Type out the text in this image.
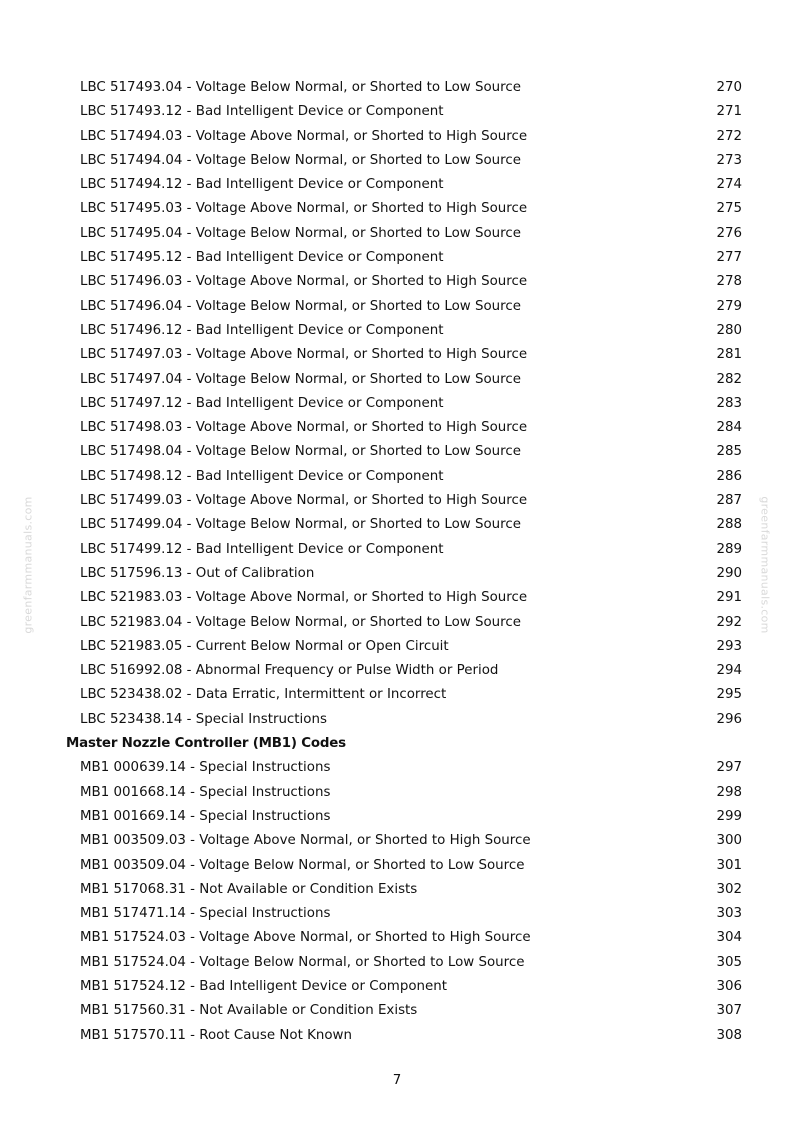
LBC 517493.04 - Voltage Below Normal, or Shorted to Low Source	270
LBC 517493.12 - Bad Intelligent Device or Component	271
LBC 517494.03 - Voltage Above Normal, or Shorted to High Source	272
LBC 517494.04 - Voltage Below Normal, or Shorted to Low Source	273
LBC 517494.12 - Bad Intelligent Device or Component	274
LBC 517495.03 - Voltage Above Normal, or Shorted to High Source	275
LBC 517495.04 - Voltage Below Normal, or Shorted to Low Source	276
LBC 517495.12 - Bad Intelligent Device or Component	277
LBC 517496.03 - Voltage Above Normal, or Shorted to High Source	278
LBC 517496.04 - Voltage Below Normal, or Shorted to Low Source	279
LBC 517496.12 - Bad Intelligent Device or Component	280
LBC 517497.03 - Voltage Above Normal, or Shorted to High Source	281
LBC 517497.04 - Voltage Below Normal, or Shorted to Low Source	282
LBC 517497.12 - Bad Intelligent Device or Component	283
LBC 517498.03 - Voltage Above Normal, or Shorted to High Source	284
LBC 517498.04 - Voltage Below Normal, or Shorted to Low Source	285
LBC 517498.12 - Bad Intelligent Device or Component	286
LBC 517499.03 - Voltage Above Normal, or Shorted to High Source	287
LBC 517499.04 - Voltage Below Normal, or Shorted to Low Source	288
LBC 517499.12 - Bad Intelligent Device or Component	289
LBC 517596.13 - Out of Calibration	290
LBC 521983.03 - Voltage Above Normal, or Shorted to High Source	291
LBC 521983.04 - Voltage Below Normal, or Shorted to Low Source	292
LBC 521983.05 - Current Below Normal or Open Circuit	293
LBC 516992.08 - Abnormal Frequency or Pulse Width or Period	294
LBC 523438.02 - Data Erratic, Intermittent or Incorrect	295
LBC 523438.14 - Special Instructions	296
Master Nozzle Controller (MB1) Codes
MB1 000639.14 - Special Instructions	297
MB1 001668.14 - Special Instructions	298
MB1 001669.14 - Special Instructions	299
MB1 003509.03 - Voltage Above Normal, or Shorted to High Source	300
MB1 003509.04 - Voltage Below Normal, or Shorted to Low Source	301
MB1 517068.31 - Not Available or Condition Exists	302
MB1 517471.14 - Special Instructions	303
MB1 517524.03 - Voltage Above Normal, or Shorted to High Source	304
MB1 517524.04 - Voltage Below Normal, or Shorted to Low Source	305
MB1 517524.12 - Bad Intelligent Device or Component	306
MB1 517560.31 - Not Available or Condition Exists	307
MB1 517570.11 - Root Cause Not Known	308
greenfarmmanuals.com	greenfarmmanuals.com
7
